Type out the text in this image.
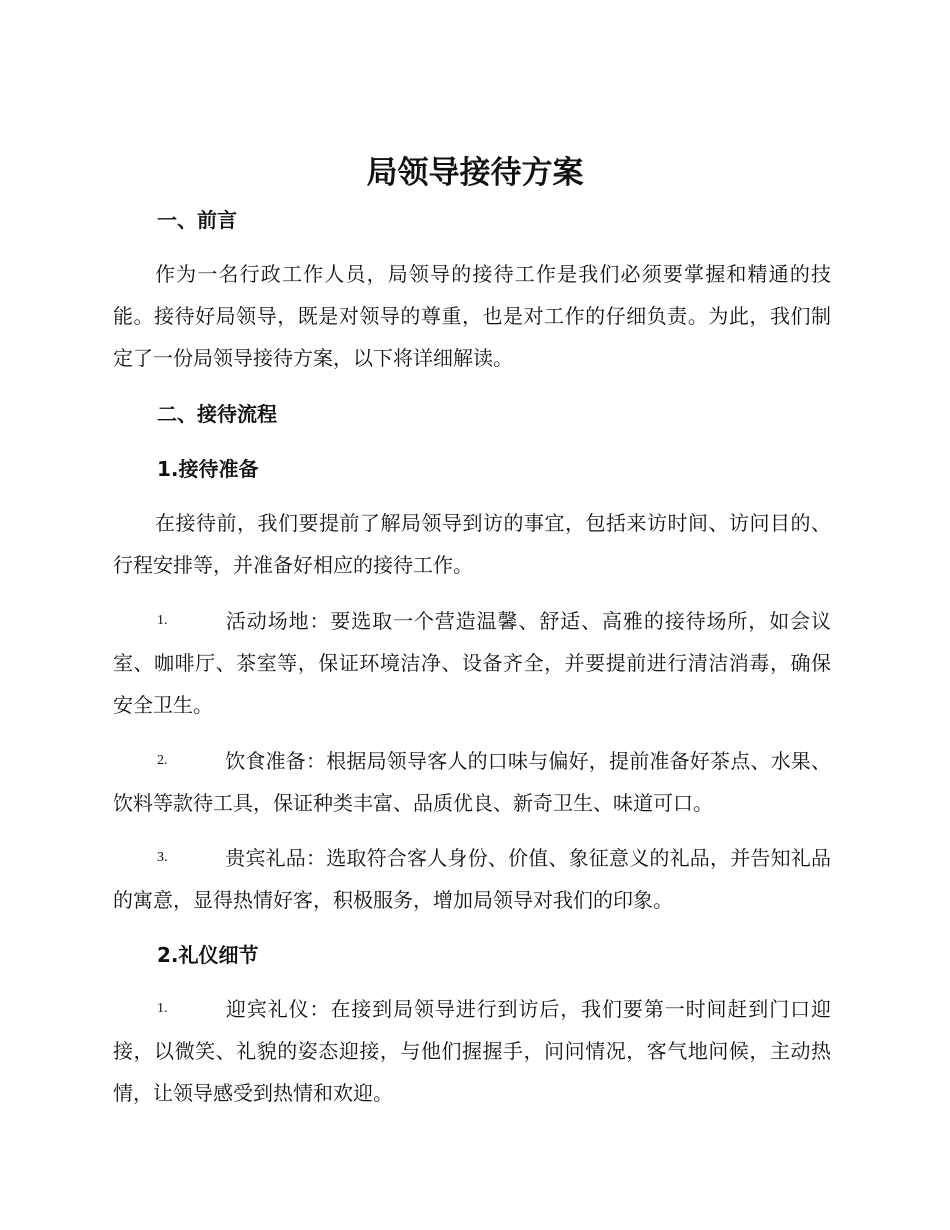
局领导接待方案
一、前言

作为一名行政工作人员，局领导的接待工作是我们必须要掌握和精通的技能。接待好局领导，既是对领导的尊重，也是对工作的仔细负责。为此，我们制定了一份局领导接待方案，以下将详细解读。

二、接待流程
1.接待准备

在接待前，我们要提前了解局领导到访的事宜，包括来访时间、访问目的、行程安排等，并准备好相应的接待工作。

1.	活动场地：要选取一个营造温馨、舒适、高雅的接待场所，如会议室、咖啡厅、茶室等，保证环境洁净、设备齐全，并要提前进行清洁消毒，确保安全卫生。

2.	饮食准备：根据局领导客人的口味与偏好，提前准备好茶点、水果、饮料等款待工具，保证种类丰富、品质优良、新奇卫生、味道可口。

3.	贵宾礼品：选取符合客人身份、价值、象征意义的礼品，并告知礼品的寓意，显得热情好客，积极服务，增加局领导对我们的印象。

2.礼仪细节

1.	迎宾礼仪：在接到局领导进行到访后，我们要第一时间赶到门口迎接，以微笑、礼貌的姿态迎接，与他们握握手，问问情况，客气地问候，主动热情，让领导感受到热情和欢迎。
